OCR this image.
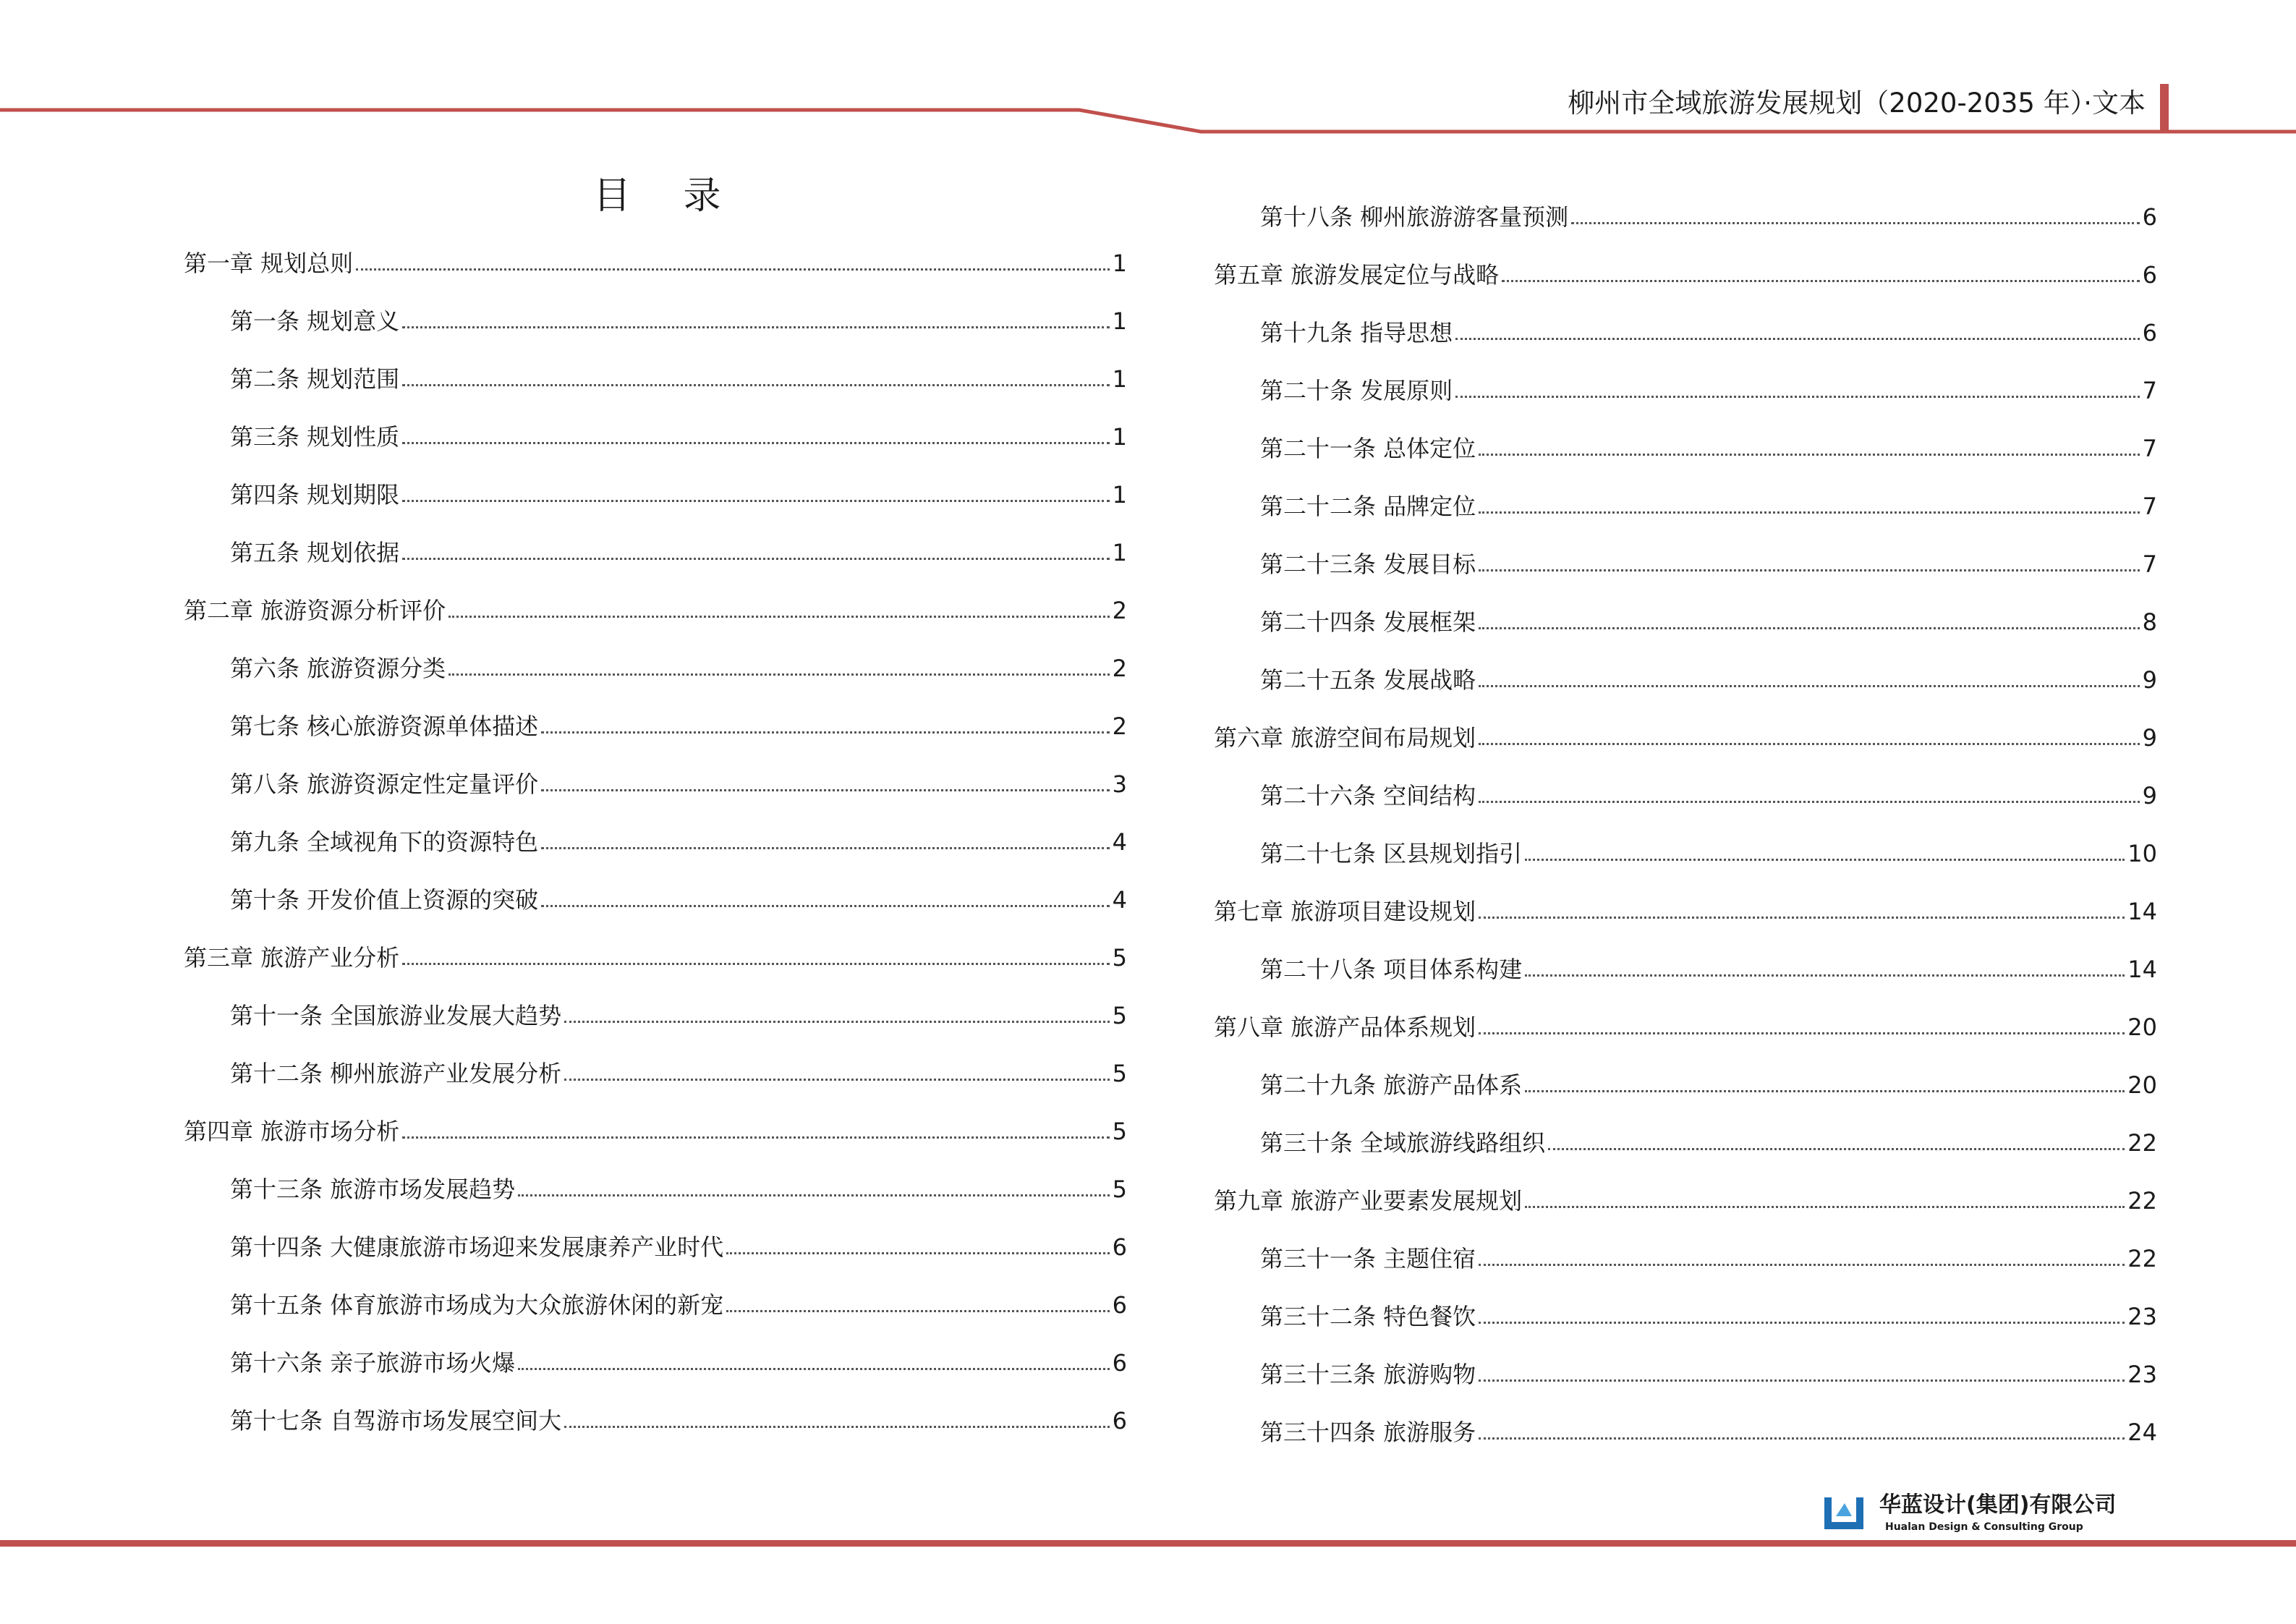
柳州市全域旅游发展规划（2020-2035 年）·文本
目 录
第一章 规划总则	1
第一条 规划意义	1
第二条 规划范围	1
第三条 规划性质	1
第四条 规划期限	1
第五条 规划依据	1
第二章 旅游资源分析评价	2
第六条 旅游资源分类	2
第七条 核心旅游资源单体描述	2
第八条 旅游资源定性定量评价	3
第九条 全域视角下的资源特色	4
第十条 开发价值上资源的突破	4
第三章 旅游产业分析	5
第十一条 全国旅游业发展大趋势	5
第十二条 柳州旅游产业发展分析	5
第四章 旅游市场分析	5
第十三条 旅游市场发展趋势	5
第十四条 大健康旅游市场迎来发展康养产业时代	6
第十五条 体育旅游市场成为大众旅游休闲的新宠	6
第十六条 亲子旅游市场火爆	6
第十七条 自驾游市场发展空间大	6
第十八条 柳州旅游游客量预测	6
第五章 旅游发展定位与战略	6
第十九条 指导思想	6
第二十条 发展原则	7
第二十一条 总体定位	7
第二十二条 品牌定位	7
第二十三条 发展目标	7
第二十四条 发展框架	8
第二十五条 发展战略	9
第六章 旅游空间布局规划	9
第二十六条 空间结构	9
第二十七条 区县规划指引	10
第七章 旅游项目建设规划	14
第二十八条 项目体系构建	14
第八章 旅游产品体系规划	20
第二十九条 旅游产品体系	20
第三十条 全域旅游线路组织	22
第九章 旅游产业要素发展规划	22
第三十一条 主题住宿	22
第三十二条 特色餐饮	23
第三十三条 旅游购物	23
第三十四条 旅游服务	24
华蓝设计(集团)有限公司
Hualan Design & Consulting Group
